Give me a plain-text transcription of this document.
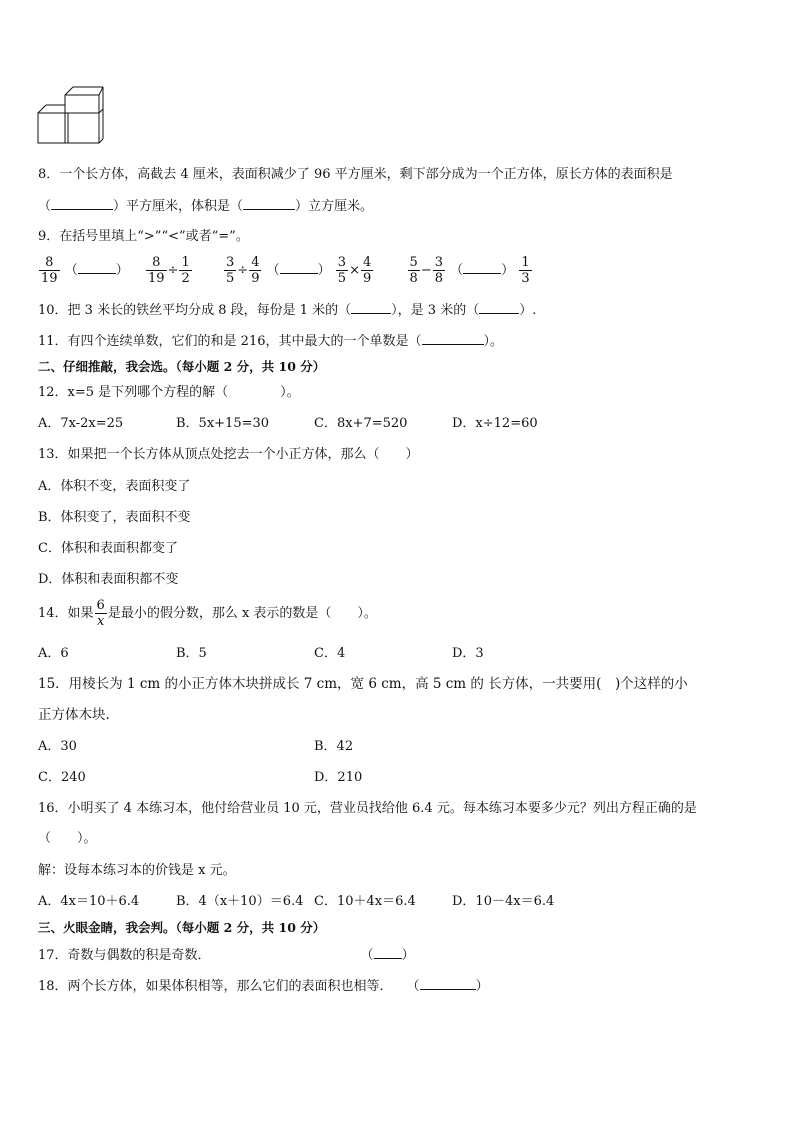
8．一个长方体，高截去 4 厘米，表面积减少了 96 平方厘米，剩下部分成为一个正方体，原长方体的表面积是
（	）平方厘米，体积是（	）立方厘米。
9．在括号里填上“>”“<”或者“=”。
$\frac{8}{19}$ （	） $\frac{8}{19} \div \frac{1}{2}$
$\frac{3}{5} \div \frac{4}{9}$ （	） $\frac{3}{5} \times \frac{4}{9}$
	$\frac{5}{8} - \frac{3}{8}$ （	） $\frac{1}{3}$
10．把 3 米长的铁丝平均分成 8 段，每份是 1 米的（	），是 3 米的（	）.
11．有四个连续单数，它们的和是 216，其中最大的一个单数是（	）。
二、仔细推敲，我会选。（每小题 2 分，共 10 分）
12．x=5 是下列哪个方程的解（　　　　）。
A．7x-2x=25	B．5x+15=30	C．8x+7=520	D．x÷12=60
13．如果把一个长方体从顶点处挖去一个小正方体，那么（　　）
A．体积不变，表面积变了
B．体积变了，表面积不变
C．体积和表面积都变了
D．体积和表面积都不变
14．如果 $\frac{6}{x}$ 是最小的假分数，那么 x 表示的数是（　　）。
A．6	B．5	C．4	D．3
15．用棱长为 1 cm 的小正方体木块拼成长 7 cm，宽 6 cm，高 5 cm 的 长方体，一共要用(　)个这样的小
正方体木块.
A．30	B．42
C．240	D．210
16．小明买了 4 本练习本，他付给营业员 10 元，营业员找给他 6.4 元。每本练习本要多少元？列出方程正确的是
（　　）。
解：设每本练习本的价钱是 x 元。
A．4x＝10＋6.4	B．4（x＋10）＝6.4 C．10＋4x＝6.4	D．10－4x＝6.4
三、火眼金睛，我会判。（每小题 2 分，共 10 分）
17．奇数与偶数的积是奇数．	（ ）
18．两个长方体，如果体积相等，那么它们的表面积也相等． （	）
